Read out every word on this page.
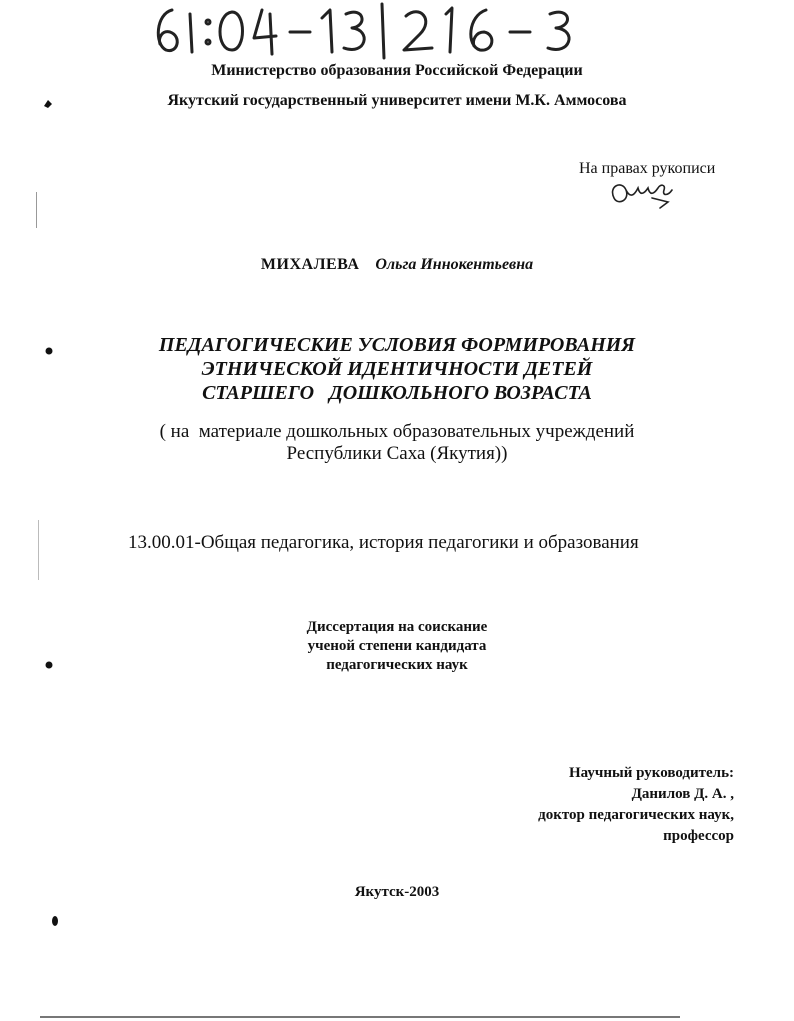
Министерство образования Российской Федерации
Якутский государственный университет имени М.К. Аммосова
На правах рукописи
МИХАЛЕВА Ольга Иннокентьевна
ПЕДАГОГИЧЕСКИЕ УСЛОВИЯ ФОРМИРОВАНИЯ
ЭТНИЧЕСКОЙ ИДЕНТИЧНОСТИ ДЕТЕЙ
СТАРШЕГО   ДОШКОЛЬНОГО ВОЗРАСТА
( на  материале дошкольных образовательных учреждений
Республики Саха (Якутия))
13.00.01-Общая педагогика, история педагогики и образования
Диссертация на соискание
ученой степени кандидата
педагогических наук
Научный руководитель:
Данилов Д. А. ,
доктор педагогических наук,
профессор
Якутск-2003
